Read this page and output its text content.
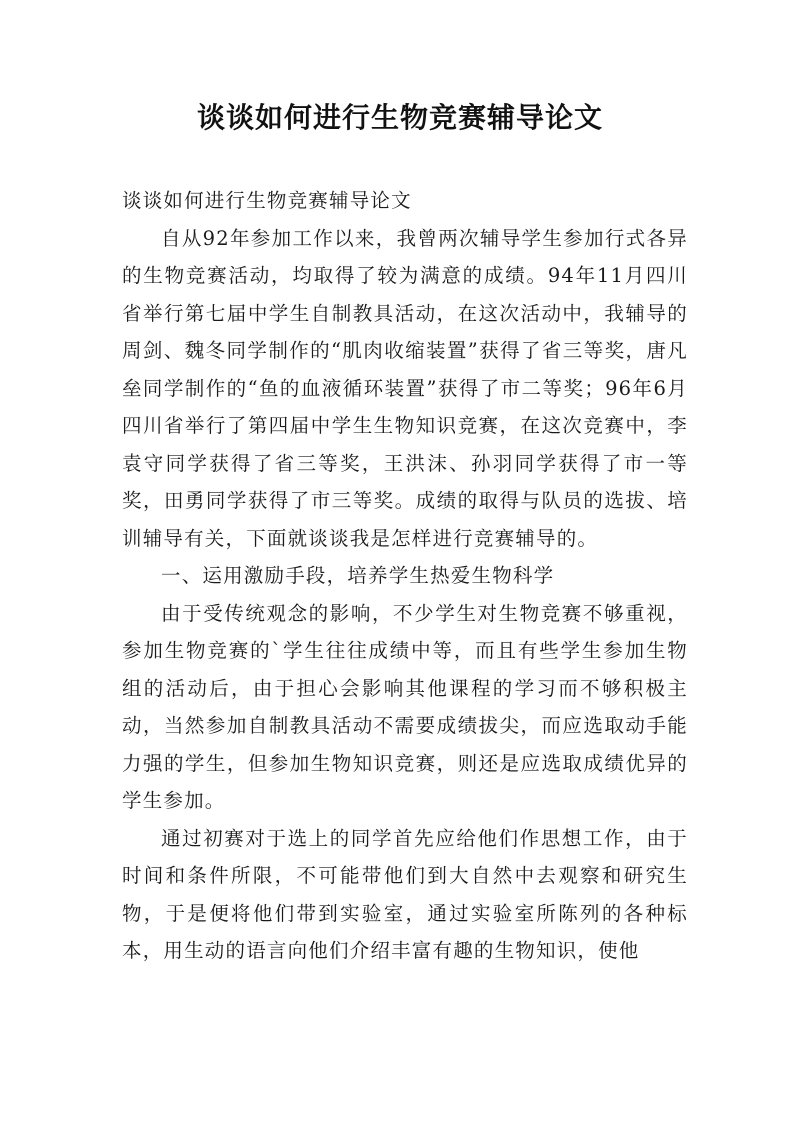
谈谈如何进行生物竞赛辅导论文

谈谈如何进行生物竞赛辅导论文

自从92年参加工作以来，我曾两次辅导学生参加行式各异的生物竞赛活动，均取得了较为满意的成绩。94年11月四川省举行第七届中学生自制教具活动，在这次活动中，我辅导的周剑、魏冬同学制作的“肌肉收缩装置”获得了省三等奖，唐凡垒同学制作的“鱼的血液循环装置”获得了市二等奖；96年6月四川省举行了第四届中学生生物知识竞赛，在这次竞赛中，李袁守同学获得了省三等奖，王洪沫、孙羽同学获得了市一等奖，田勇同学获得了市三等奖。成绩的取得与队员的选拔、培训辅导有关，下面就谈谈我是怎样进行竞赛辅导的。

一、运用激励手段，培养学生热爱生物科学

由于受传统观念的影响，不少学生对生物竞赛不够重视，参加生物竞赛的`学生往往成绩中等，而且有些学生参加生物组的活动后，由于担心会影响其他课程的学习而不够积极主动，当然参加自制教具活动不需要成绩拔尖，而应选取动手能力强的学生，但参加生物知识竞赛，则还是应选取成绩优异的学生参加。

通过初赛对于选上的同学首先应给他们作思想工作，由于时间和条件所限，不可能带他们到大自然中去观察和研究生物，于是便将他们带到实验室，通过实验室所陈列的各种标本，用生动的语言向他们介绍丰富有趣的生物知识，使他
